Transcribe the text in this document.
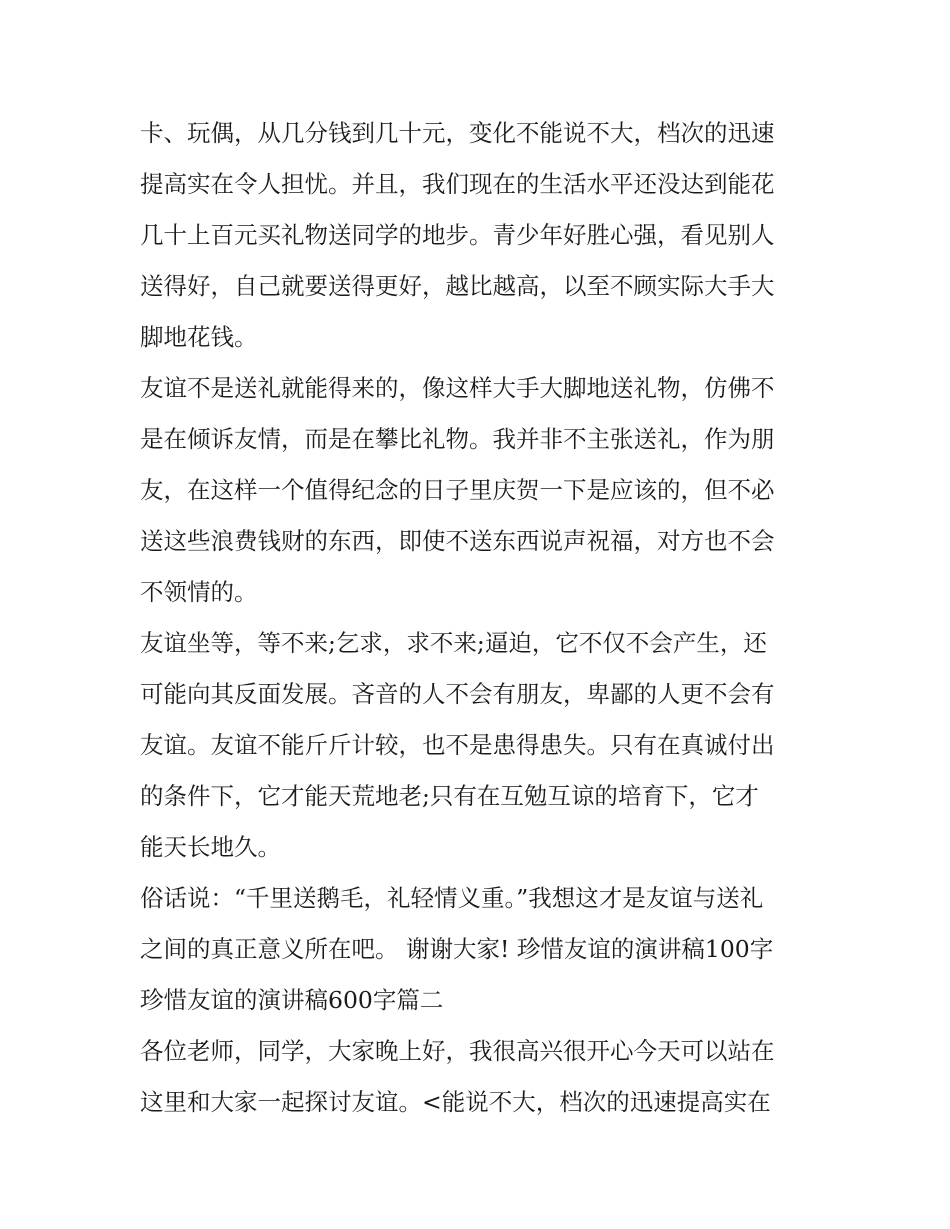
卡、玩偶，从几分钱到几十元，变化不能说不大，档次的迅速
提高实在令人担忧。并且，我们现在的生活水平还没达到能花
几十上百元买礼物送同学的地步。青少年好胜心强，看见别人
送得好，自己就要送得更好，越比越高，以至不顾实际大手大
脚地花钱。
友谊不是送礼就能得来的，像这样大手大脚地送礼物，仿佛不
是在倾诉友情，而是在攀比礼物。我并非不主张送礼，作为朋
友，在这样一个值得纪念的日子里庆贺一下是应该的，但不必
送这些浪费钱财的东西，即使不送东西说声祝福，对方也不会
不领情的。
友谊坐等，等不来;乞求，求不来;逼迫，它不仅不会产生，还
可能向其反面发展。吝音的人不会有朋友，卑鄙的人更不会有
友谊。友谊不能斤斤计较，也不是患得患失。只有在真诚付出
的条件下，它才能天荒地老;只有在互勉互谅的培育下，它才
能天长地久。
俗话说：“千里送鹅毛，礼轻情义重。”我想这才是友谊与送礼
之间的真正意义所在吧。 谢谢大家! 珍惜友谊的演讲稿100字
珍惜友谊的演讲稿600字篇二
各位老师，同学，大家晚上好，我很高兴很开心今天可以站在
这里和大家一起探讨友谊。<能说不大，档次的迅速提高实在
